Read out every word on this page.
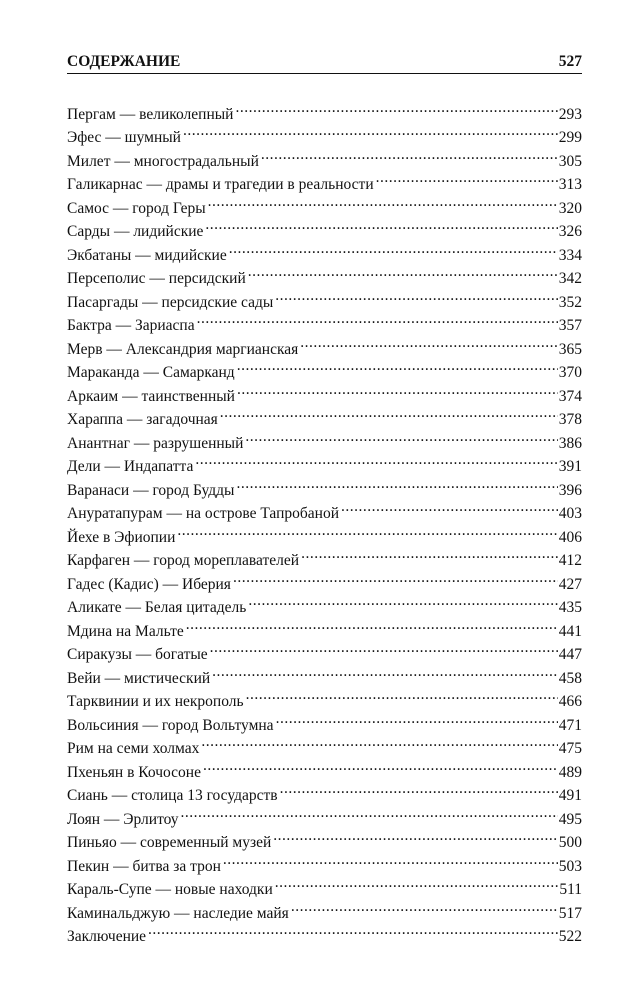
СОДЕРЖАНИЕ	527
Пергам — великолепный .....	293
Эфес — шумный .....	299
Милет — многострадальный .....	305
Галикарнас — драмы и трагедии в реальности .....	313
Самос — город Геры .....	320
Сарды — лидийские .....	326
Экбатаны — мидийские .....	334
Персеполис — персидский .....	342
Пасаргады — персидские сады .....	352
Бактра — Зариаспа .....	357
Мерв — Александрия маргианская .....	365
Мараканда — Самарканд .....	370
Аркаим — таинственный .....	374
Хараппа — загадочная .....	378
Анантнаг — разрушенный .....	386
Дели — Индапатта .....	391
Варанаси — город Будды .....	396
Ануратапурам — на острове Тапробаной .....	403
Йехе в Эфиопии .....	406
Карфаген — город мореплавателей .....	412
Гадес (Кадис) — Иберия .....	427
Аликате — Белая цитадель .....	435
Мдина на Мальте .....	441
Сиракузы — богатые .....	447
Вейи — мистический .....	458
Тарквинии и их некрополь .....	466
Вольсиния — город Вольтумна .....	471
Рим на семи холмах .....	475
Пхеньян в Кочосоне .....	489
Сиань — столица 13 государств .....	491
Лоян — Эрлитоу .....	495
Пиньяо — современный музей .....	500
Пекин — битва за трон .....	503
Караль-Супе — новые находки .....	511
Каминальджую — наследие майя .....	517
Заключение .....	522
